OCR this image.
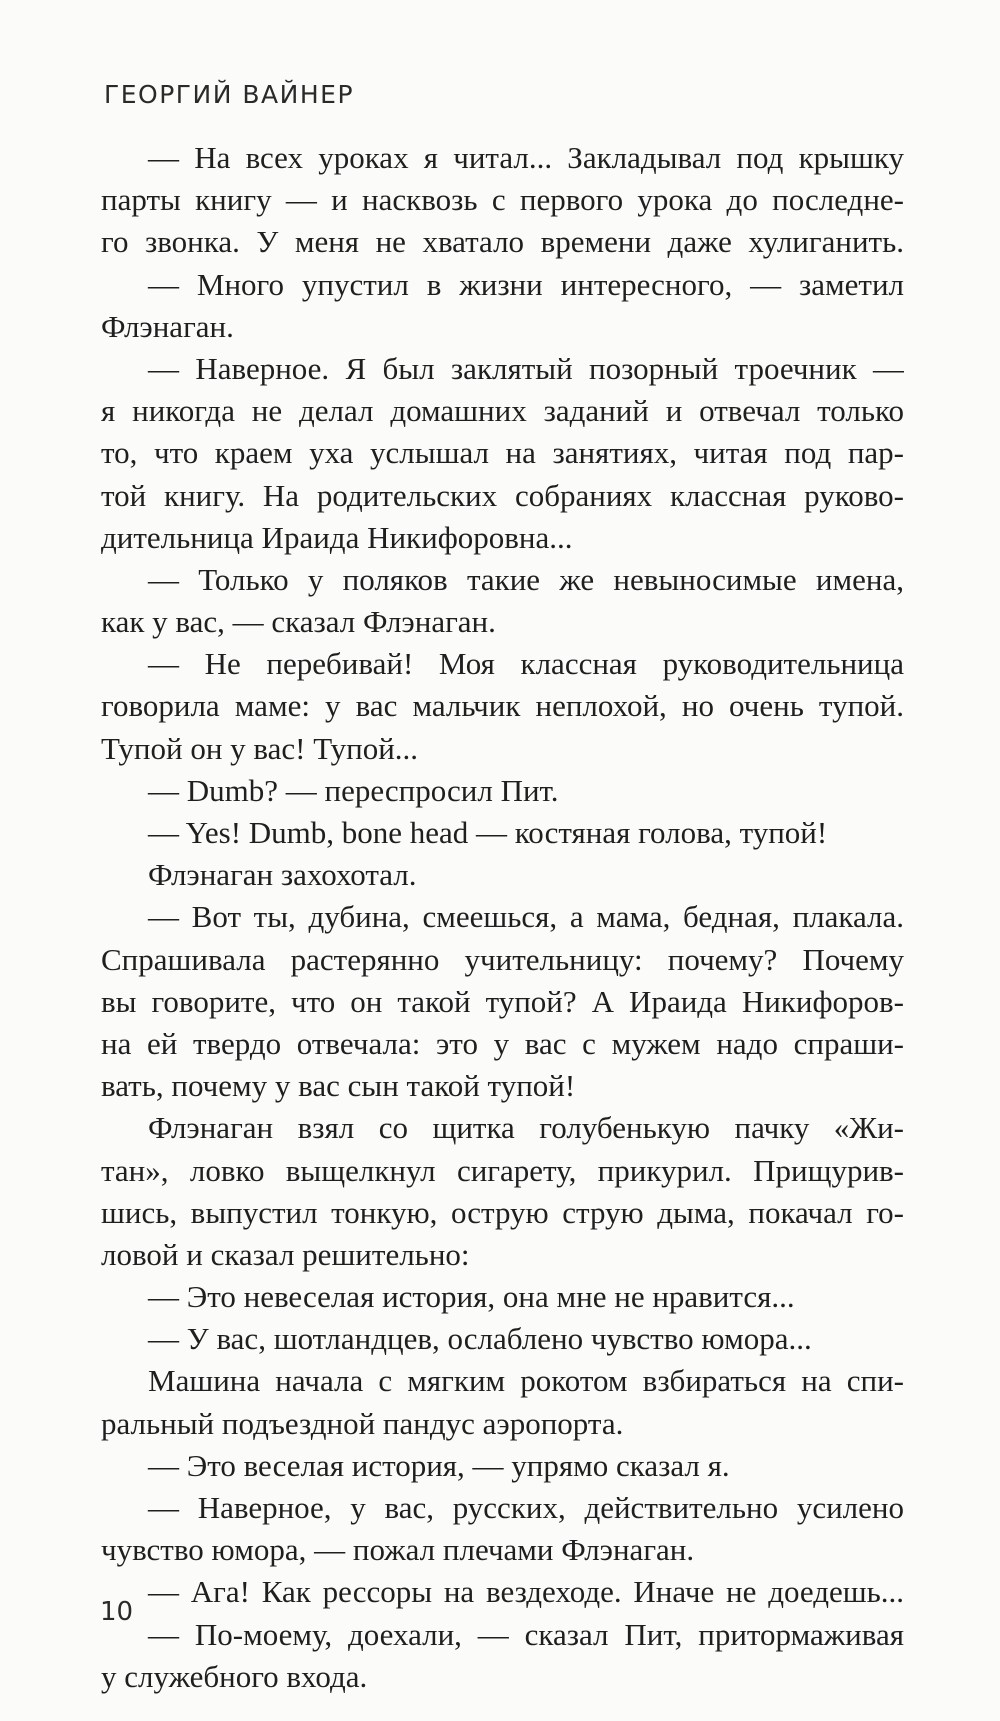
ГЕОРГИЙ ВАЙНЕР
— На всех уроках я читал... Закладывал под крышку
парты книгу — и насквозь с первого урока до последне-
го звонка. У меня не хватало времени даже хулиганить.
— Много упустил в жизни интересного, — заметил
Флэнаган.
— Наверное. Я был заклятый позорный троечник —
я никогда не делал домашних заданий и отвечал только
то, что краем уха услышал на занятиях, читая под пар-
той книгу. На родительских собраниях классная руково-
дительница Ираида Никифоровна...
— Только у поляков такие же невыносимые имена,
как у вас, — сказал Флэнаган.
— Не перебивай! Моя классная руководительница
говорила маме: у вас мальчик неплохой, но очень тупой.
Тупой он у вас! Тупой...
— Dumb? — переспросил Пит.
— Yes! Dumb, bone head — костяная голова, тупой!
Флэнаган захохотал.
— Вот ты, дубина, смеешься, а мама, бедная, плакала.
Спрашивала растерянно учительницу: почему? Почему
вы говорите, что он такой тупой? А Ираида Никифоров-
на ей твердо отвечала: это у вас с мужем надо спраши-
вать, почему у вас сын такой тупой!
Флэнаган взял со щитка голубенькую пачку «Жи-
тан», ловко выщелкнул сигарету, прикурил. Прищурив-
шись, выпустил тонкую, острую струю дыма, покачал го-
ловой и сказал решительно:
— Это невеселая история, она мне не нравится...
— У вас, шотландцев, ослаблено чувство юмора...
Машина начала с мягким рокотом взбираться на спи-
ральный подъездной пандус аэропорта.
— Это веселая история, — упрямо сказал я.
— Наверное, у вас, русских, действительно усилено
чувство юмора, — пожал плечами Флэнаган.
— Ага! Как рессоры на вездеходе. Иначе не доедешь...
— По-моему, доехали, — сказал Пит, притормаживая
у служебного входа.
10
